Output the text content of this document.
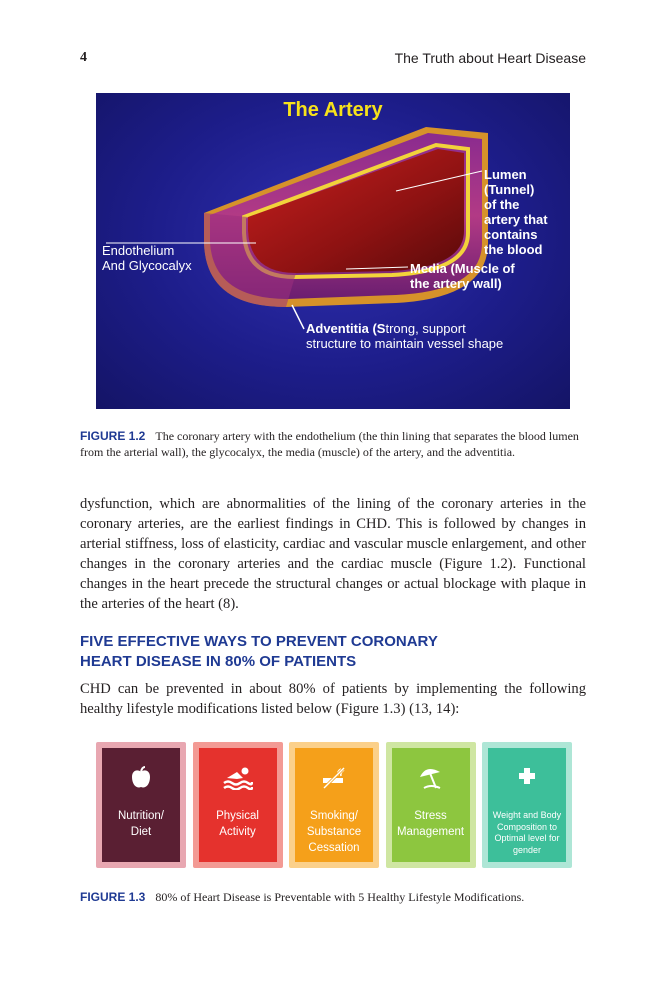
4	The Truth about Heart Disease
The Artery
Endothelium
And Glycocalyx
Lumen
(Tunnel)
of the
artery that
contains
the blood
Media (Muscle of
the artery wall)
Adventitia (Strong, support
structure to maintain vessel shape
FIGURE 1.2 The coronary artery with the endothelium (the thin lining that separates the blood lumen from the arterial wall), the glycocalyx, the media (muscle) of the artery, and the adventitia.
dysfunction, which are abnormalities of the lining of the coronary arteries in the coronary arteries, are the earliest findings in CHD. This is followed by changes in arterial stiffness, loss of elasticity, cardiac and vascular muscle enlargement, and other changes in the coronary arteries and the cardiac muscle (Figure 1.2). Functional changes in the heart precede the structural changes or actual blockage with plaque in the arteries of the heart (8).
FIVE EFFECTIVE WAYS TO PREVENT CORONARY
HEART DISEASE IN 80% OF PATIENTS
CHD can be prevented in about 80% of patients by implementing the following healthy lifestyle modifications listed below (Figure 1.3) (13, 14):
Nutrition/
Diet
Physical
Activity
Smoking/
Substance
Cessation
Stress
Management
Weight and Body
Composition to
Optimal level for
gender
FIGURE 1.3 80% of Heart Disease is Preventable with 5 Healthy Lifestyle Modifications.
